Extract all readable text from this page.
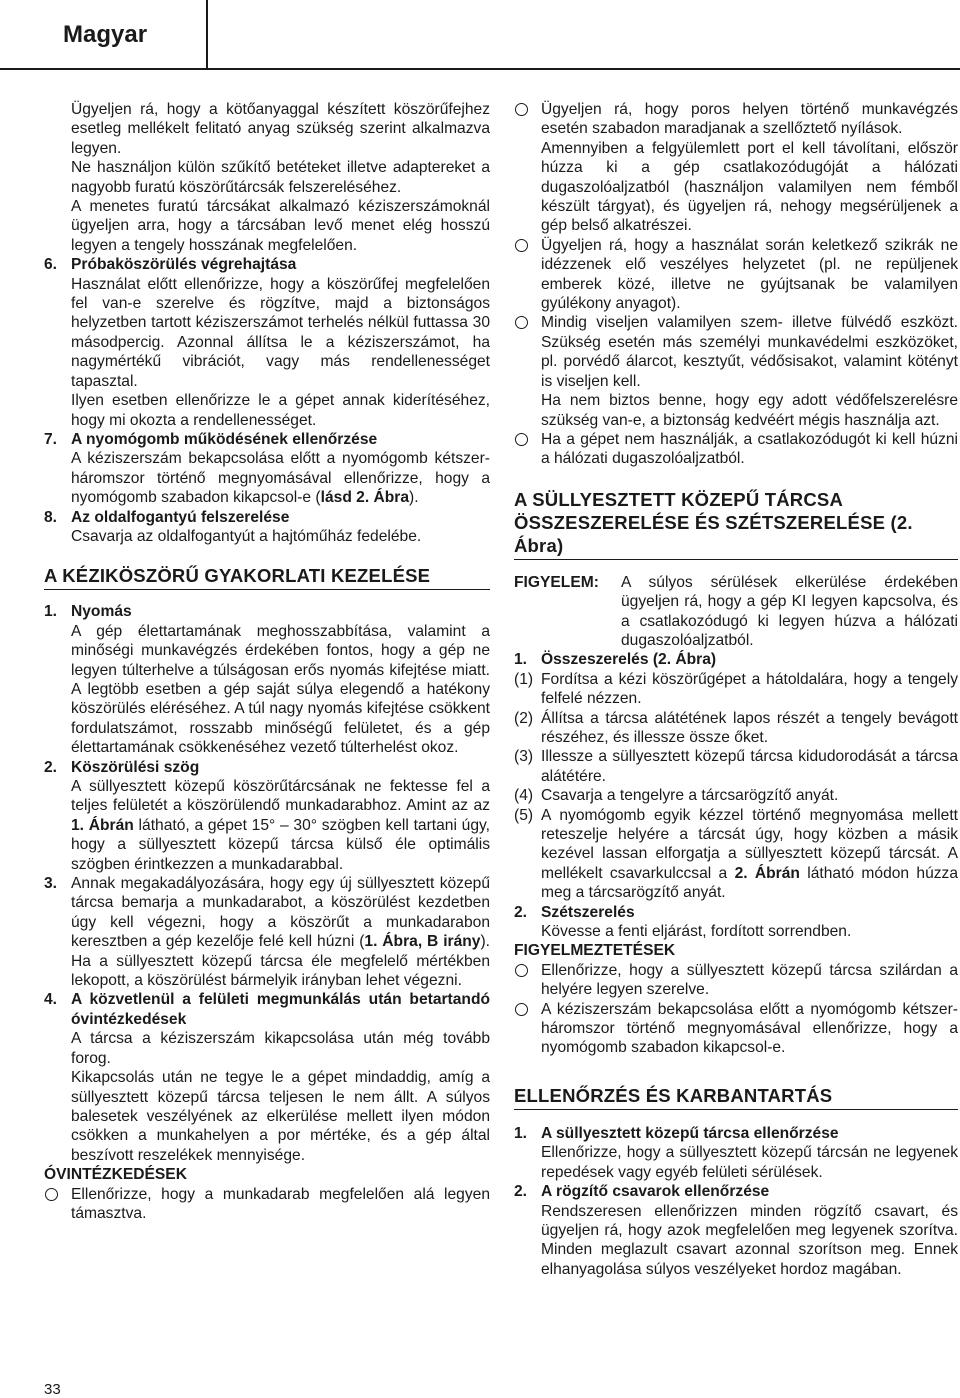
Magyar

Ügyeljen rá, hogy a kötőanyaggal készített köszörűfejhez esetleg mellékelt felitató anyag szükség szerint alkalmazva legyen.

Ne használjon külön szűkítő betéteket illetve adaptereket a nagyobb furatú köszörűtárcsák felszereléséhez.

A menetes furatú tárcsákat alkalmazó kéziszerszámoknál ügyeljen arra, hogy a tárcsában levő menet elég hosszú legyen a tengely hosszának megfelelően.

6. Próbaköszörülés végrehajtása

Használat előtt ellenőrizze, hogy a köszörűfej megfelelően fel van-e szerelve és rögzítve, majd a biztonságos helyzetben tartott kéziszerszámot terhelés nélkül futtassa 30 másodpercig. Azonnal állítsa le a kéziszerszámot, ha nagymértékű vibrációt, vagy más rendellenességet tapasztal.

Ilyen esetben ellenőrizze le a gépet annak kiderítéséhez, hogy mi okozta a rendellenességet.

7. A nyomógomb működésének ellenőrzése

A kéziszerszám bekapcsolása előtt a nyomógomb kétszer-háromszor történő megnyomásával ellenőrizze, hogy a nyomógomb szabadon kikapcsol-e (lásd 2. Ábra).

8. Az oldalfogantyú felszerelése

Csavarja az oldalfogantyút a hajtóműház fedelébe.

A KÉZIKÖSZÖRŰ GYAKORLATI KEZELÉSE
1. Nyomás

A gép élettartamának meghosszabbítása, valamint a minőségi munkavégzés érdekében fontos, hogy a gép ne legyen túlterhelve a túlságosan erős nyomás kifejtése miatt. A legtöbb esetben a gép saját súlya elegendő a hatékony köszörülés eléréséhez. A túl nagy nyomás kifejtése csökkent fordulatszámot, rosszabb minőségű felületet, és a gép élettartamának csökkenéséhez vezető túlterhelést okoz.

2. Köszörülési szög

A süllyesztett közepű köszörűtárcsának ne fektesse fel a teljes felületét a köszörülendő munkadarabhoz. Amint az az 1. Ábrán látható, a gépet 15° – 30° szögben kell tartani úgy, hogy a süllyesztett közepű tárcsa külső éle optimális szögben érintkezzen a munkadarabbal.

3. Annak megakadályozására, hogy egy új süllyesztett közepű tárcsa bemarja a munkadarabot, a köszörülést kezdetben úgy kell végezni, hogy a köszörűt a munkadarabon keresztben a gép kezelője felé kell húzni (1. Ábra, B irány). Ha a süllyesztett közepű tárcsa éle megfelelő mértékben lekopott, a köszörülést bármelyik irányban lehet végezni.

4. A közvetlenül a felületi megmunkálás után betartandó óvintézkedések

A tárcsa a kéziszerszám kikapcsolása után még tovább forog.

Kikapcsolás után ne tegye le a gépet mindaddig, amíg a süllyesztett közepű tárcsa teljesen le nem állt. A súlyos balesetek veszélyének az elkerülése mellett ilyen módon csökken a munkahelyen a por mértéke, és a gép által beszívott reszelékek mennyisége.

ÓVINTÉZKEDÉSEK

Ellenőrizze, hogy a munkadarab megfelelően alá legyen támasztva.

Ügyeljen rá, hogy poros helyen történő munkavégzés esetén szabadon maradjanak a szellőztető nyílások.

Amennyiben a felgyülemlett port el kell távolítani, először húzza ki a gép csatlakozódugóját a hálózati dugaszolóaljzatból (használjon valamilyen nem fémből készült tárgyat), és ügyeljen rá, nehogy megsérüljenek a gép belső alkatrészei.

Ügyeljen rá, hogy a használat során keletkező szikrák ne idézzenek elő veszélyes helyzetet (pl. ne repüljenek emberek közé, illetve ne gyújtsanak be valamilyen gyúlékony anyagot).

Mindig viseljen valamilyen szem- illetve fülvédő eszközt. Szükség esetén más személyi munkavédelmi eszközöket, pl. porvédő álarcot, kesztyűt, védősisakot, valamint kötényt is viseljen kell.

Ha nem biztos benne, hogy egy adott védőfelszerelésre szükség van-e, a biztonság kedvéért mégis használja azt.

Ha a gépet nem használják, a csatlakozódugót ki kell húzni a hálózati dugaszolóaljzatból.

A SÜLLYESZTETT KÖZEPŰ TÁRCSA ÖSSZESZERELÉSE ÉS SZÉTSZERELÉSE (2. Ábra)
FIGYELEM: A súlyos sérülések elkerülése érdekében ügyeljen rá, hogy a gép KI legyen kapcsolva, és a csatlakozódugó ki legyen húzva a hálózati dugaszolóaljzatból.

1. Összeszerelés (2. Ábra)
(1) Fordítsa a kézi köszörűgépet a hátoldalára, hogy a tengely felfelé nézzen.
(2) Állítsa a tárcsa alátétének lapos részét a tengely bevágott részéhez, és illessze össze őket.
(3) Illessze a süllyesztett közepű tárcsa kidudorodását a tárcsa alátétére.
(4) Csavarja a tengelyre a tárcsarögzítő anyát.
(5) A nyomógomb egyik kézzel történő megnyomása mellett reteszelje helyére a tárcsát úgy, hogy közben a másik kezével lassan elforgatja a süllyesztett közepű tárcsát. A mellékelt csavarkulccsal a 2. Ábrán látható módon húzza meg a tárcsarögzítő anyát.
2. Szétszerelés

Kövesse a fenti eljárást, fordított sorrendben.

FIGYELMEZTETÉSEK

Ellenőrizze, hogy a süllyesztett közepű tárcsa szilárdan a helyére legyen szerelve.
A kéziszerszám bekapcsolása előtt a nyomógomb kétszer-háromszor történő megnyomásával ellenőrizze, hogy a nyomógomb szabadon kikapcsol-e.
ELLENŐRZÉS ÉS KARBANTARTÁS
1. A süllyesztett közepű tárcsa ellenőrzése

Ellenőrizze, hogy a süllyesztett közepű tárcsán ne legyenek repedések vagy egyéb felületi sérülések.

2. A rögzítő csavarok ellenőrzése

Rendszeresen ellenőrizzen minden rögzítő csavart, és ügyeljen rá, hogy azok megfelelően meg legyenek szorítva. Minden meglazult csavart azonnal szorítson meg. Ennek elhanyagolása súlyos veszélyeket hordoz magában.

33
